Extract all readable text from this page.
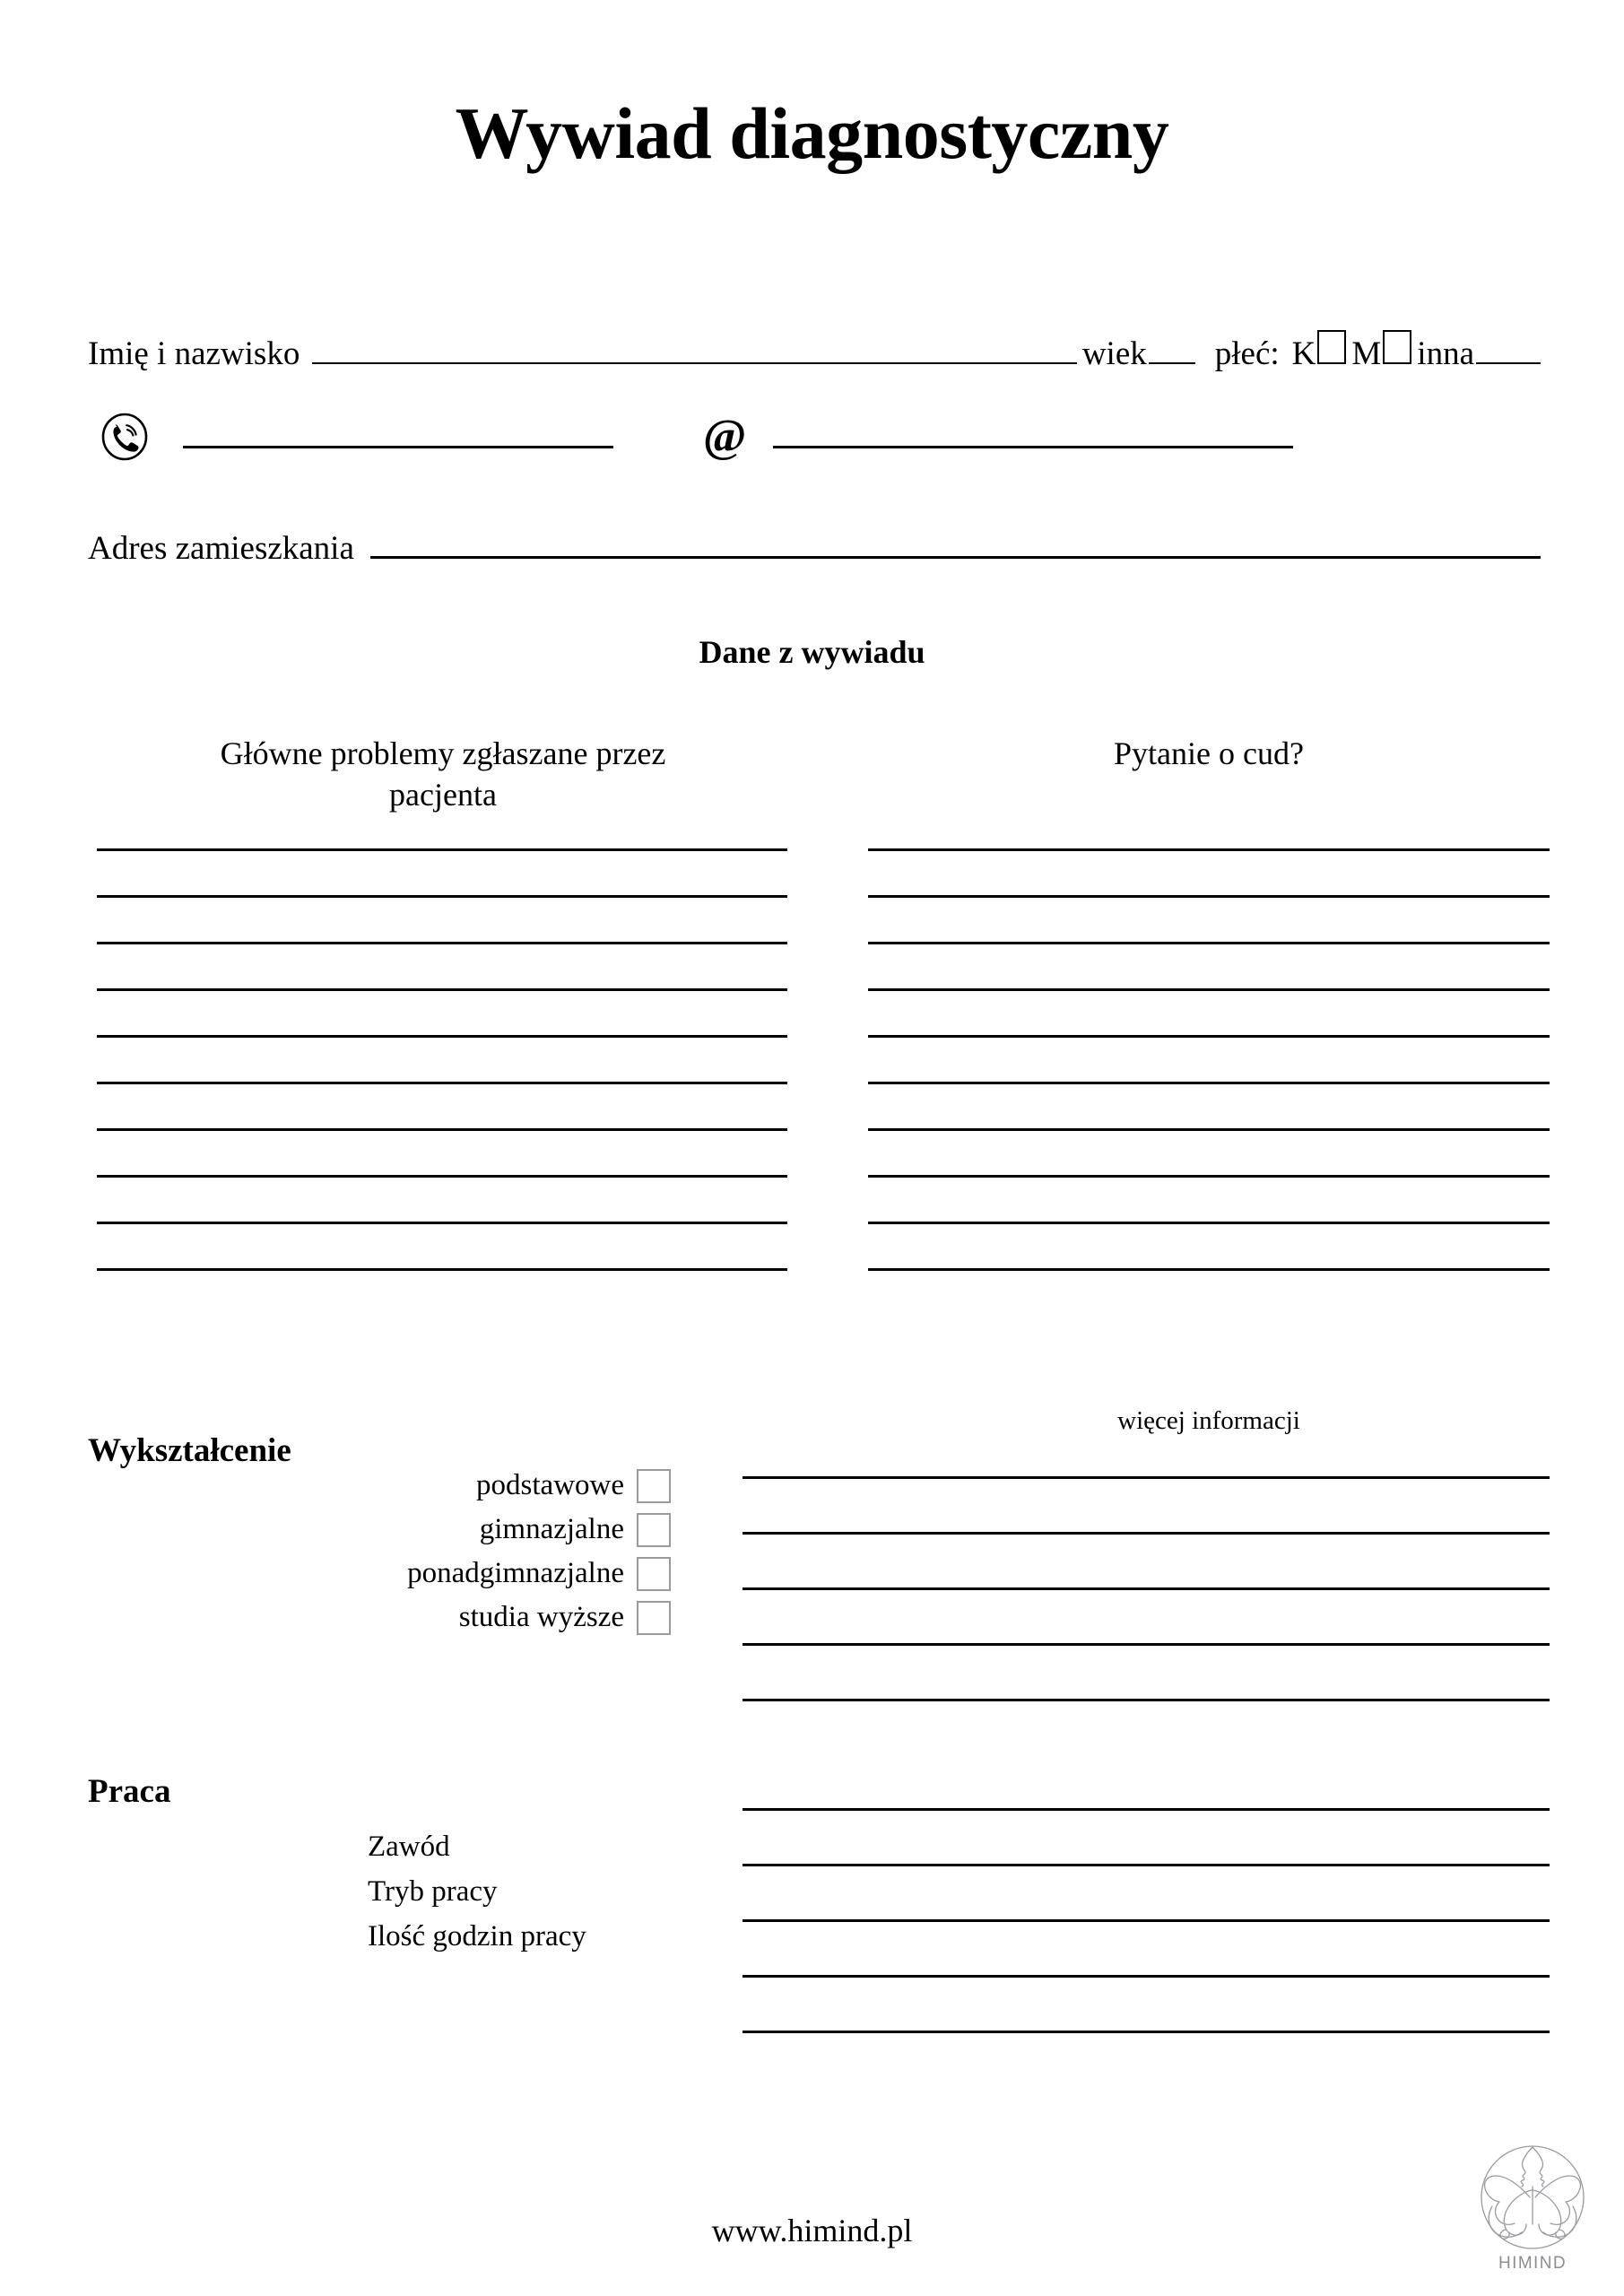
Wywiad diagnostyczny
Imię i nazwisko	wiek płeć: K M inna
@
Adres zamieszkania
Dane z wywiadu
Główne problemy zgłaszane przez
pacjenta
Pytanie o cud?
więcej informacji
Wykształcenie
podstawowe
gimnazjalne
ponadgimnazjalne
studia wyższe
Praca
Zawód
Tryb pracy
Ilość godzin pracy
www.himind.pl
HIMIND
